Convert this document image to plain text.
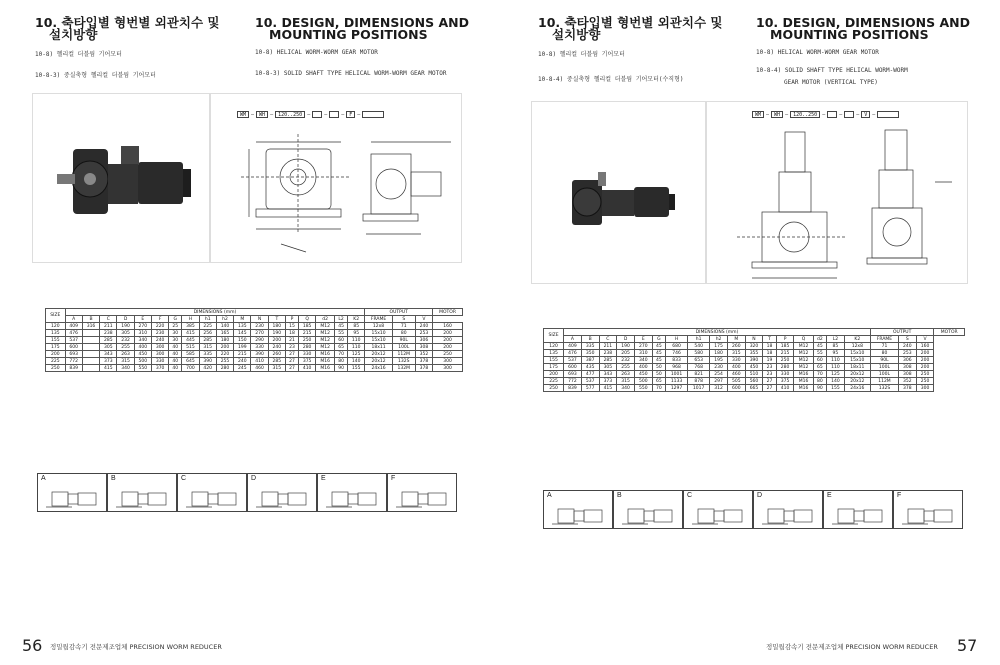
10. 축타입별 형번별 외관치수 및
설치방향
10. DESIGN, DIMENSIONS AND
MOUNTING POSITIONS
10-8) 헬리컬 더블웜 기어모터
10-8-3) 중실축형 헬리컬 더블웜 기어모터
10-8) HELICAL WORM-WORM GEAR MOTOR
10-8-3) SOLID SHAFT TYPE HELICAL WORM-WORM GEAR MOTOR
WM	–	WH	–	120..250	–	–	–	F	–
SIZE	DIMENSIONS (mm)																		OUTPUT			MOTOR
	A	B	C	D	E	F	G	H	h1	h2	M	N	T	P	Q	d2	L2	K2	FRAME	S	V	
120	409	316	211	190	270	220	25	385	225	140	135	230	180	15	185	M12	45	85	12x8	71	240	160
135	476		238	305	310	230	30	415	256	165	145	270	190	18	215	M12	55	95	15x10	80	253	200
155	537		285	232	340	240	30	445	285	180	150	290	200	21	250	M12	60	110	15x10	90L	306	200
175	600		305	255	400	300	40	515	315	200	199	330	240	23	280	M12	65	110	18x11	100L	308	200
200	693		343	263	450	300	40	585	335	220	215	390	260	27	330	M16	70	125	20x12	112M	352	250
225	772		373	315	500	330	40	645	390	255	240	410	285	27	375	M16	80	140	20x12	132S	378	300
250	839		415	340	550	370	40	700	420	280	245	460	315	27	410	M16	90	155	24x16	132M	378	300
A	B	C	D	E	F
56 정밀웜감속기 전문제조업체 PRECISION WORM REDUCER
10. 축타입별 형번별 외관치수 및
설치방향
10. DESIGN, DIMENSIONS AND
MOUNTING POSITIONS
10-8) 헬리컬 더블웜 기어모터
10-8-4) 중실축형 헬리컬 더블웜 기어모터(수직형)
10-8) HELICAL WORM-WORM GEAR MOTOR
10-8-4) SOLID SHAFT TYPE HELICAL WORM-WORM
GEAR MOTOR (VERTICAL TYPE)
WM	–	WH	–	120..250	–	–	–	V	–
SIZE	DIMENSIONS (mm)																	OUTPUT			MOTOR
	A	B	C	D	E	G	H	h1	h2	M	N	T	P	Q	d2	L2	K2	FRAME	S	V	
120	409	335	211	190	270	45	680	540	175	260	320	18	185	M12	45	85	12x8	71	240	160	
135	476	350	238	205	310	45	746	580	180	315	355	18	215	M12	55	95	15x10	80	253	200	
155	537	387	285	232	340	45	833	653	195	330	390	19	250	M12	60	110	15x10	90L	306	200	
175	600	435	305	255	400	50	968	768	230	400	450	23	280	M12	65	110	18x11	100L	308	200	
200	693	477	343	263	450	50	1001	821	254	460	510	23	330	M16	70	125	20x12	100L	308	250	
225	772	537	373	315	500	65	1133	878	297	505	560	27	375	M16	80	140	20x12	112M	352	250	
250	839	577	415	340	550	70	1297	1017	312	600	665	27	410	M16	90	155	24x16	132S	378	300	
A	B	C	D	E	F
정밀웜감속기 전문제조업체 PRECISION WORM REDUCER 57
